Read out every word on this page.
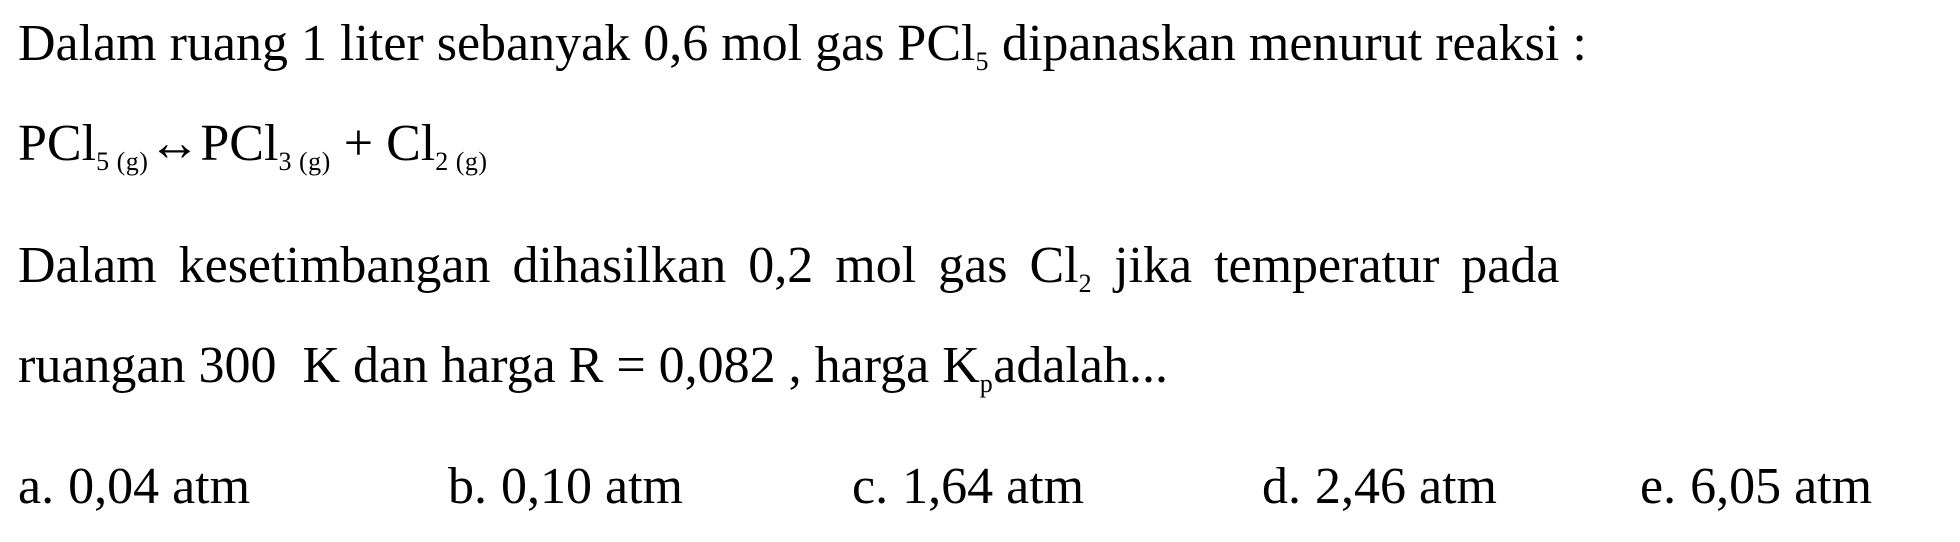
Dalam ruang 1 liter sebanyak 0,6 mol gas PCl$_5$ dipanaskan menurut reaksi :
PCl$_{5 (g)}$↔PCl$_{3 (g)}$ + $Cl_{2 (g)}$
Dalam kesetimbangan dihasilkan 0,2 mol gas $Cl_2$ jika temperatur pada
ruangan 300  K dan harga R = 0,082 , harga $K_padalah$...
a. 0,04 atm	b. 0,10 atm	c. 1,64 atm	d. 2,46 atm	e. 6,05 atm
